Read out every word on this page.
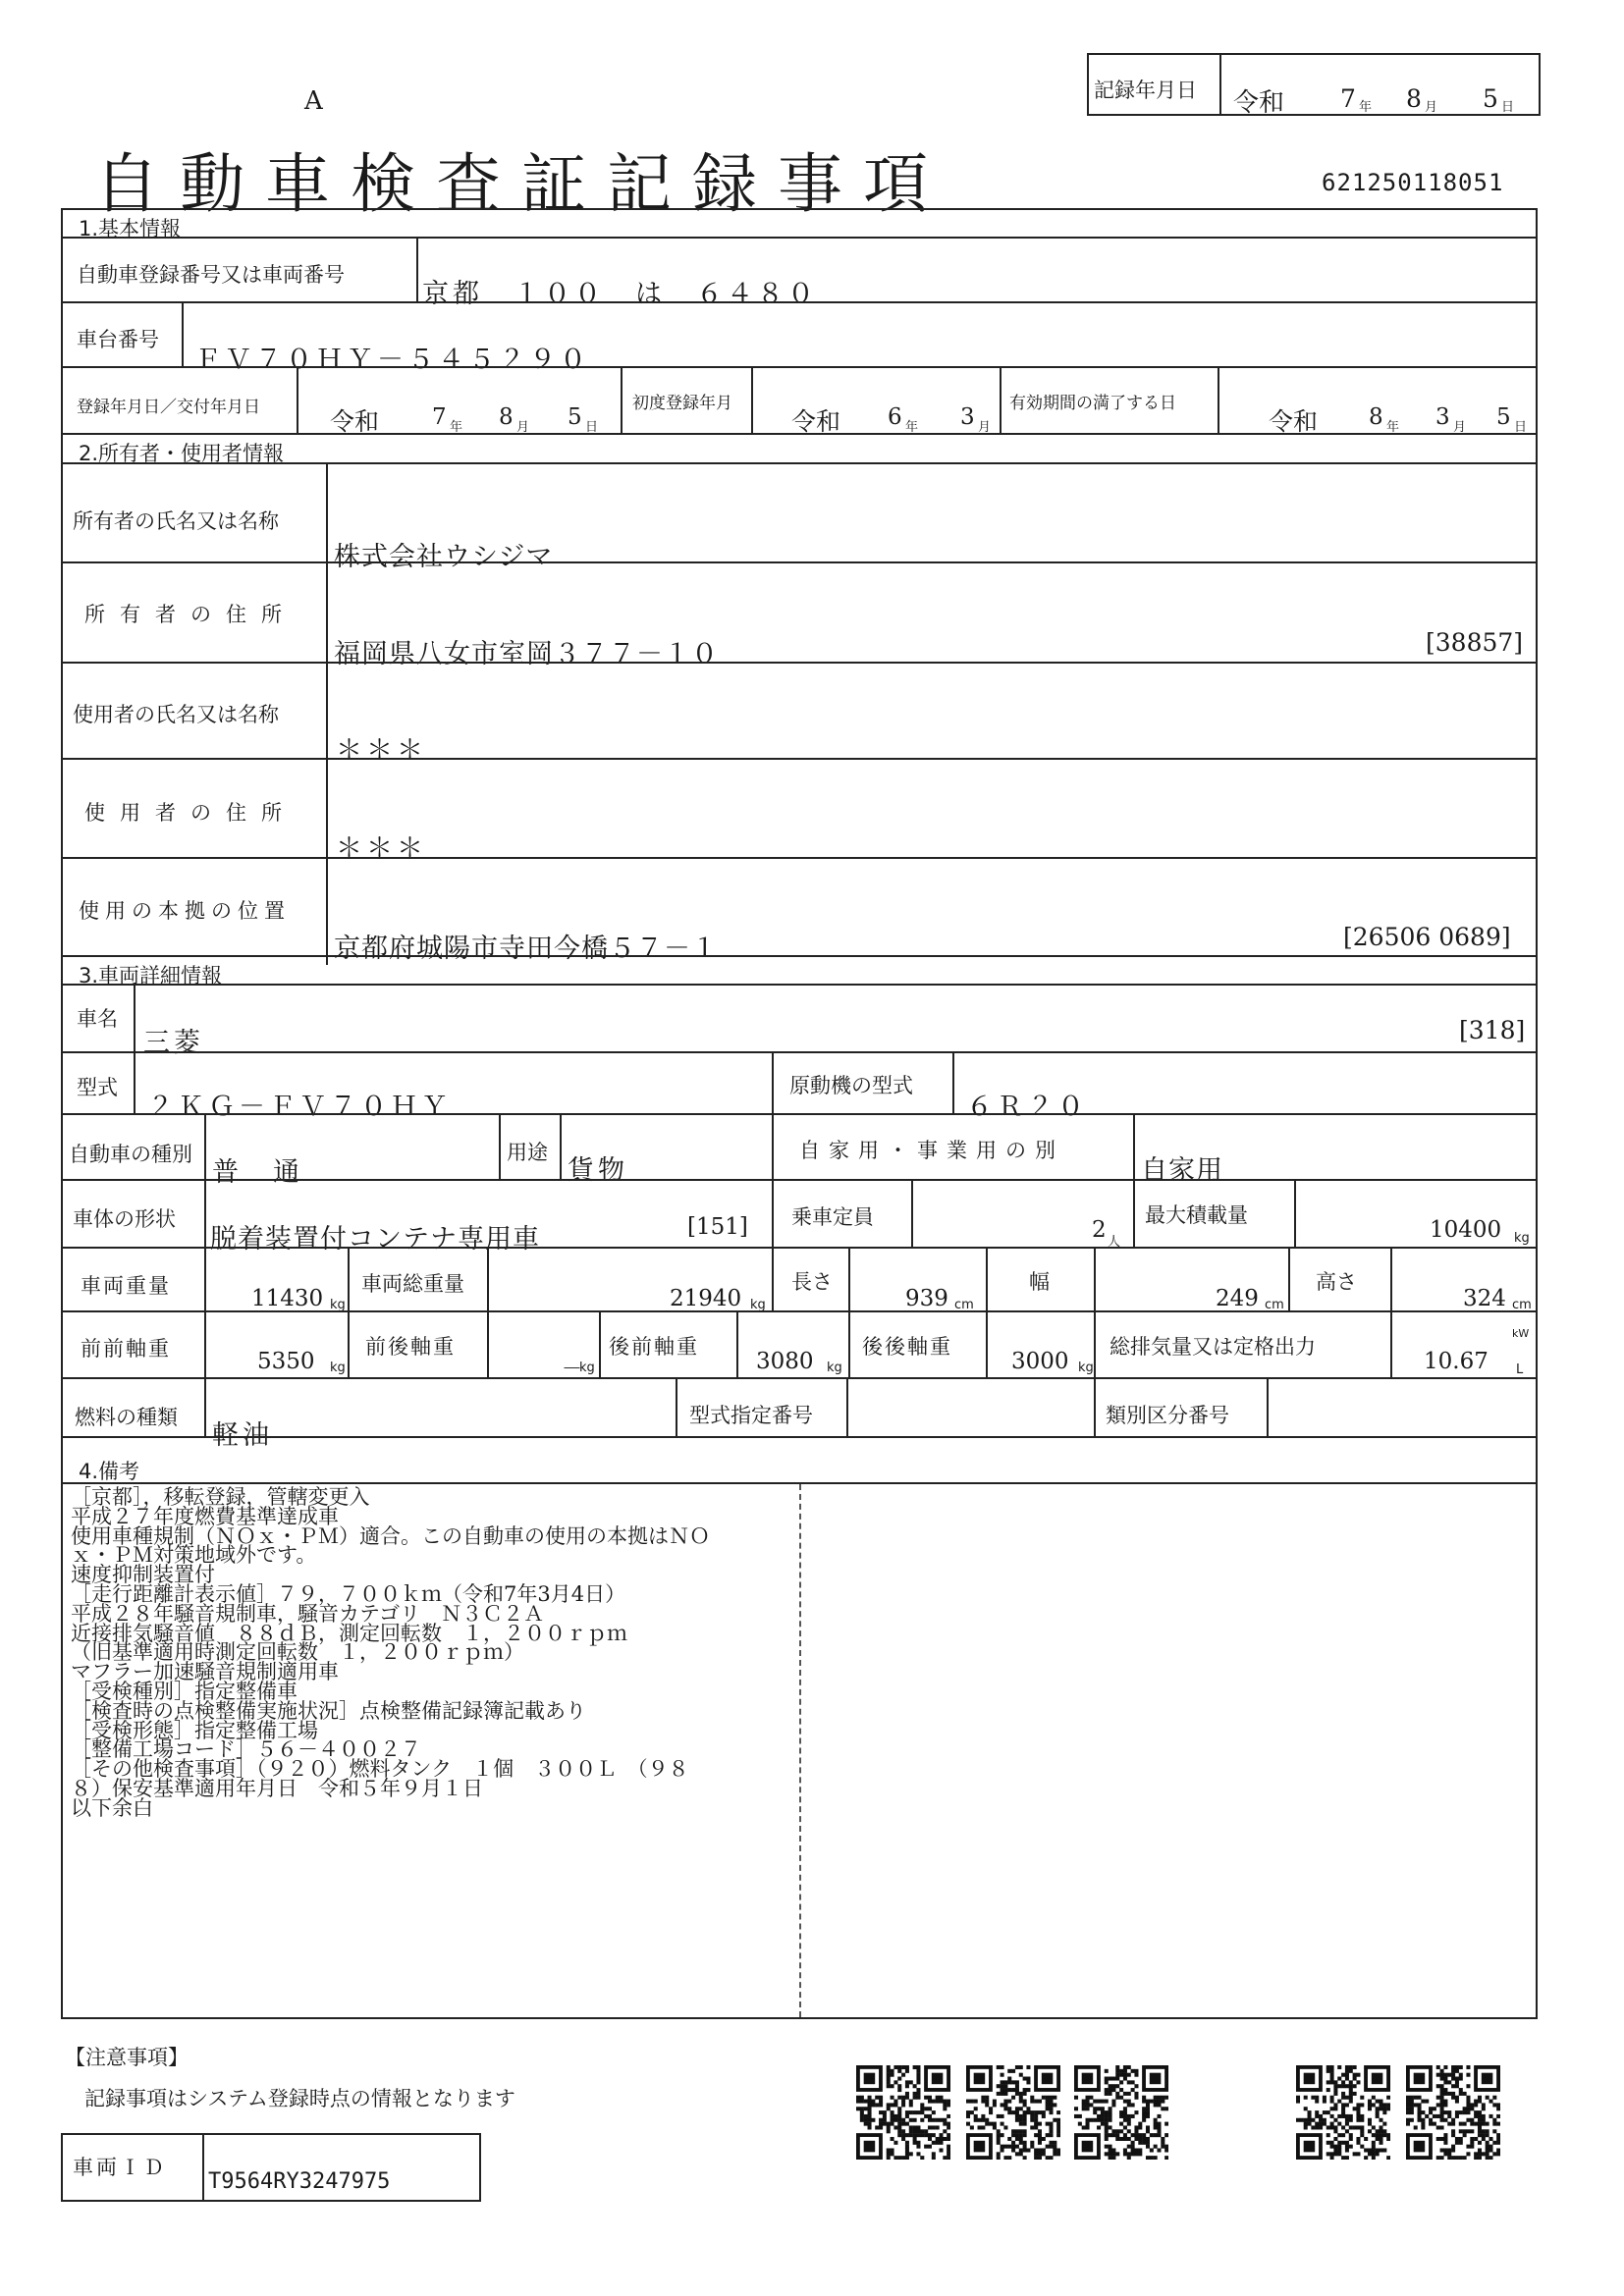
A
自動車検査証記録事項
記録年月日 令和 7 年 8 月 5 日
621250118051
1.基本情報
自動車登録番号又は車両番号
京都　１００　は　６４８０
車台番号
ＦＶ７０ＨＹ－５４５２９０
登録年月日／交付年月日	令和 7 年 8 月 5 日
初度登録年月
令和 6 年 3 月
有効期間の満了する日
令和 8 年 3 月 5 日
2.所有者・使用者情報
所有者の氏名又は名称
株式会社ウシジマ
所有者の住所
福岡県八女市室岡３７７－１０	[38857]
使用者の氏名又は名称
＊＊＊
使用者の住所
＊＊＊
使用の本拠の位置
京都府城陽市寺田今橋５７－１	[26506 0689]
3.車両詳細情報
車名
三菱	[318]
型式
２ＫＧ－ＦＶ７０ＨＹ
原動機の型式
６Ｒ２０
自動車の種別
普　通
用途
貨物
自家用・事業用の別
自家用
車体の形状
脱着装置付コンテナ専用車	[151] 乗車定員	2 人
最大積載量
10400 kg
車両重量	11430 kg
車両総重量
21940 kg
長さ
939 cm
幅
249 cm
高さ
324 cm
前前軸重	5350 kg
前後軸重
－
kg
後前軸重
3080 kg
後後軸重
3000 kg
総排気量又は定格出力
kW
10.67 L
燃料の種類
軽油
型式指定番号	類別区分番号
4.備考
［京都］，移転登録，管轄変更入
平成２７年度燃費基準達成車
使用車種規制（ＮＯｘ・ＰＭ）適合。この自動車の使用の本拠はＮＯ
ｘ・ＰＭ対策地域外です。
速度抑制装置付
［走行距離計表示値］７９，７００ｋｍ（令和7年3月4日）
平成２８年騒音規制車，騒音カテゴリ　Ｎ３Ｃ２Ａ
近接排気騒音値　８８ｄＢ，測定回転数　１，２００ｒｐｍ
（旧基準適用時測定回転数　１，２００ｒｐｍ）
マフラー加速騒音規制適用車
［受検種別］指定整備車
［検査時の点検整備実施状況］点検整備記録簿記載あり
［受検形態］指定整備工場
［整備工場コード］５６－４００２７
［その他検査事項］（９２０）燃料タンク　１個　３００Ｌ　（９８
８）保安基準適用年月日　令和５年９月１日
以下余白
【注意事項】
記録事項はシステム登録時点の情報となります
車両ＩＤ
T9564RY3247975
